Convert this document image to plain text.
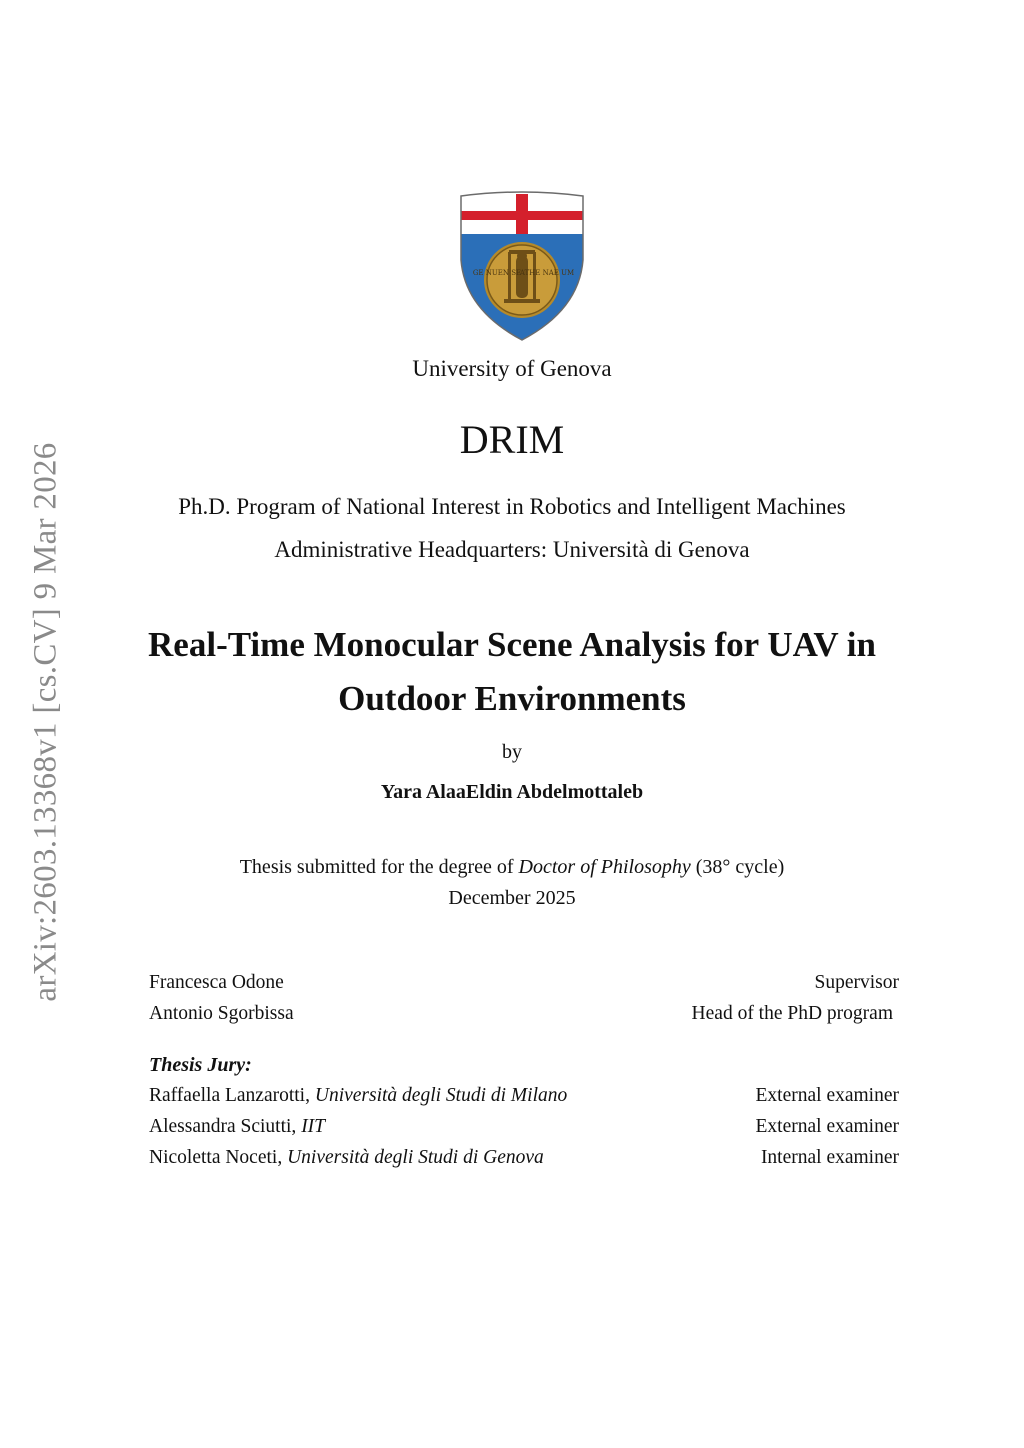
arXiv:2603.13368v1 [cs.CV] 9 Mar 2026
GE NUEN SE
ATHE NAE UM
University of Genova
DRIM
Ph.D. Program of National Interest in Robotics and Intelligent Machines
Administrative Headquarters: Università di Genova
Real-Time Monocular Scene Analysis for UAV in
Outdoor Environments
by
Yara AlaaEldin Abdelmottaleb
Thesis submitted for the degree of Doctor of Philosophy (38° cycle)
December 2025
Francesca Odone	Supervisor
Antonio Sgorbissa	Head of the PhD program
Thesis Jury:
Raffaella Lanzarotti, Università degli Studi di Milano	External examiner
Alessandra Sciutti, IIT	External examiner
Nicoletta Noceti, Università degli Studi di Genova	Internal examiner
